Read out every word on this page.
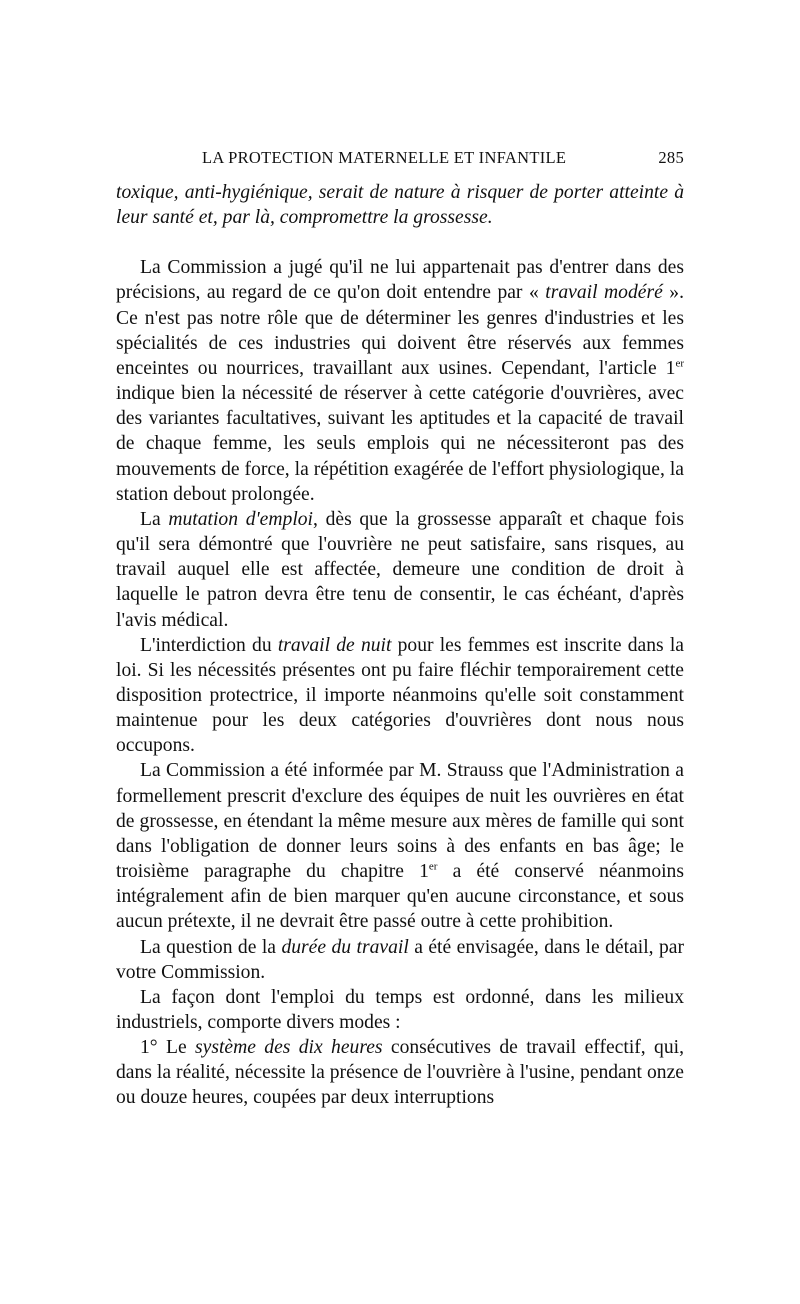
LA PROTECTION MATERNELLE ET INFANTILE	285

toxique, anti-hygiénique, serait de nature à risquer de porter atteinte à leur santé et, par là, compromettre la grossesse.

La Commission a jugé qu'il ne lui appartenait pas d'entrer dans des précisions, au regard de ce qu'on doit entendre par « travail modéré ». Ce n'est pas notre rôle que de déterminer les genres d'industries et les spécialités de ces industries qui doivent être réservés aux femmes enceintes ou nourrices, travaillant aux usines. Cependant, l'article 1er indique bien la nécessité de réserver à cette catégorie d'ouvrières, avec des variantes facultatives, suivant les aptitudes et la capacité de travail de chaque femme, les seuls emplois qui ne nécessiteront pas des mouvements de force, la répétition exagérée de l'effort physiologique, la station debout prolongée.

La mutation d'emploi, dès que la grossesse apparaît et chaque fois qu'il sera démontré que l'ouvrière ne peut satisfaire, sans risques, au travail auquel elle est affectée, demeure une condition de droit à laquelle le patron devra être tenu de consentir, le cas échéant, d'après l'avis médical.

L'interdiction du travail de nuit pour les femmes est inscrite dans la loi. Si les nécessités présentes ont pu faire fléchir temporairement cette disposition protectrice, il importe néanmoins qu'elle soit constamment maintenue pour les deux catégories d'ouvrières dont nous nous occupons.

La Commission a été informée par M. Strauss que l'Administration a formellement prescrit d'exclure des équipes de nuit les ouvrières en état de grossesse, en étendant la même mesure aux mères de famille qui sont dans l'obligation de donner leurs soins à des enfants en bas âge; le troisième paragraphe du chapitre 1er a été conservé néanmoins intégralement afin de bien marquer qu'en aucune circonstance, et sous aucun prétexte, il ne devrait être passé outre à cette prohibition.

La question de la durée du travail a été envisagée, dans le détail, par votre Commission.

La façon dont l'emploi du temps est ordonné, dans les milieux industriels, comporte divers modes :

1° Le système des dix heures consécutives de travail effectif, qui, dans la réalité, nécessite la présence de l'ouvrière à l'usine, pendant onze ou douze heures, coupées par deux interruptions
